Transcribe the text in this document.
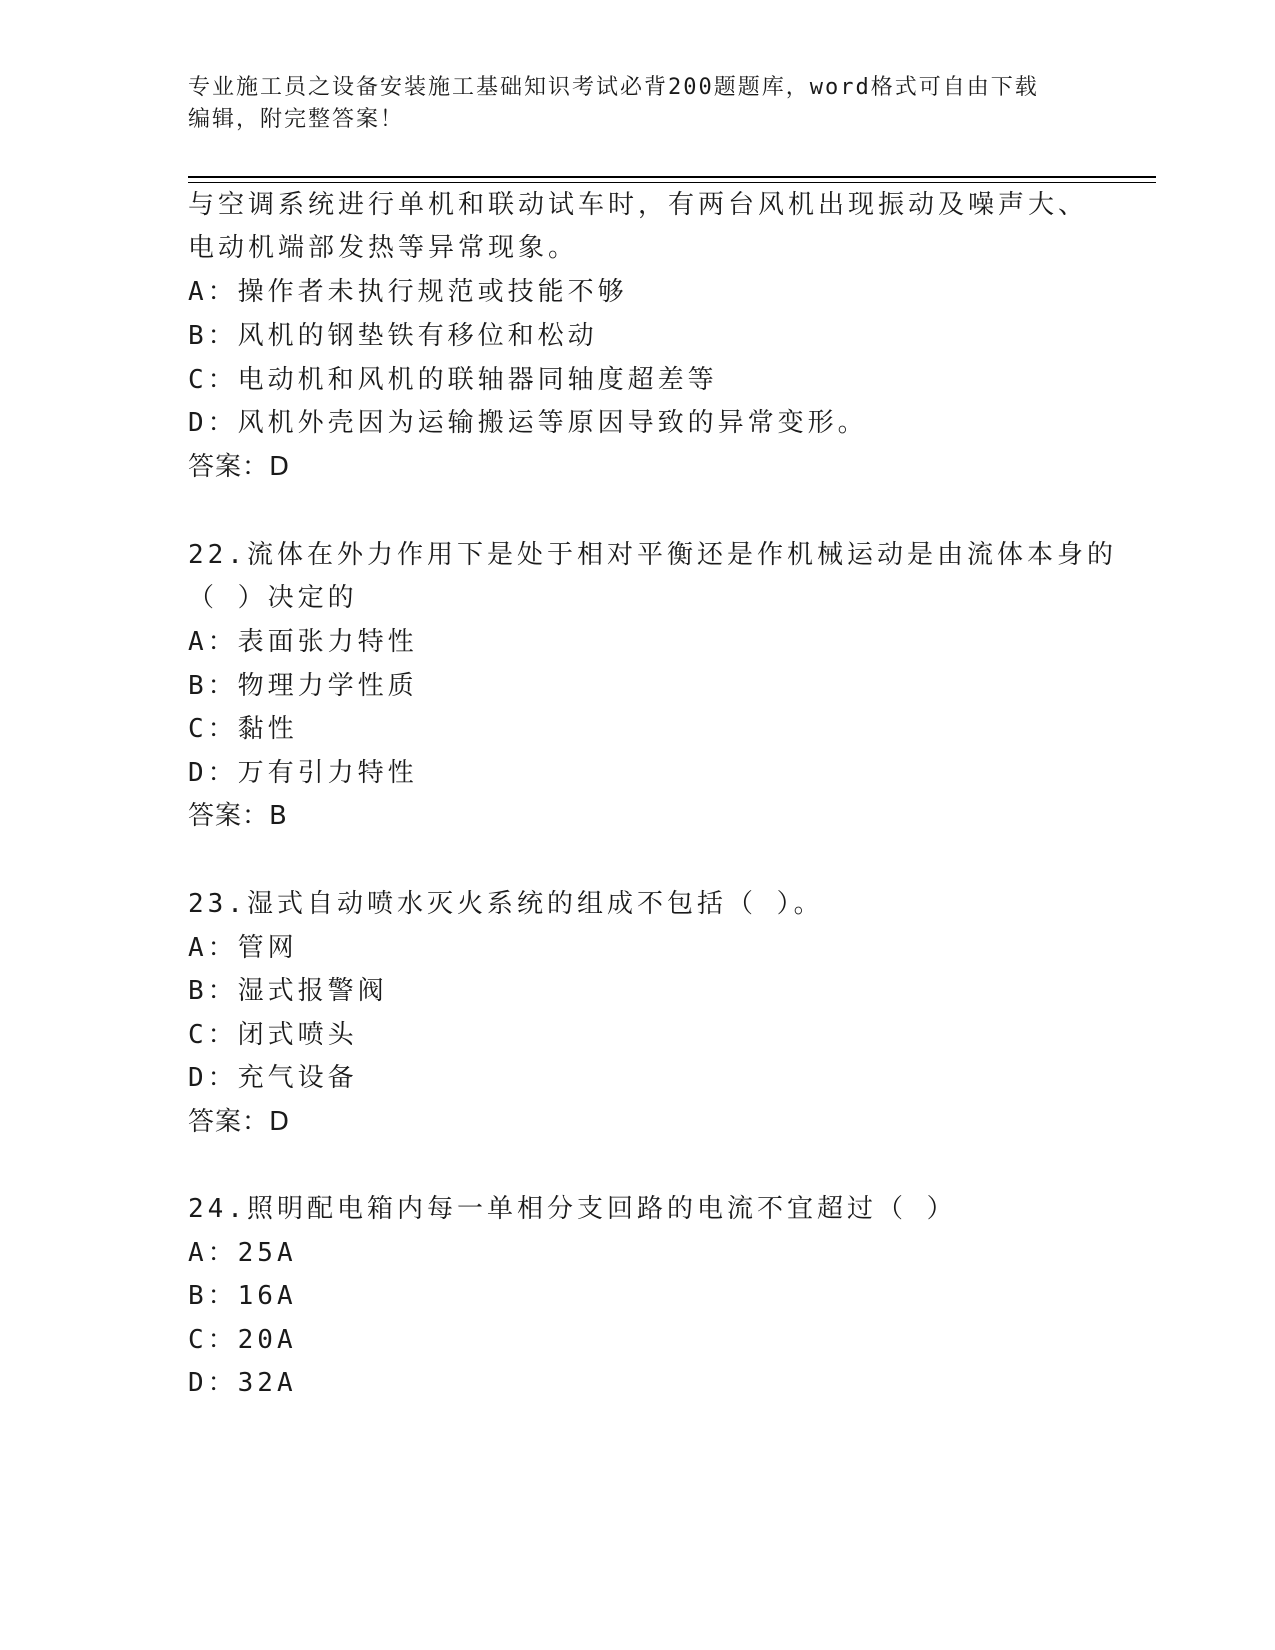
专业施工员之设备安装施工基础知识考试必背200题题库，word格式可自由下载
编辑，附完整答案！
与空调系统进行单机和联动试车时，有两台风机出现振动及噪声大、
电动机端部发热等异常现象。
A：操作者未执行规范或技能不够
B：风机的钢垫铁有移位和松动
C：电动机和风机的联轴器同轴度超差等
D：风机外壳因为运输搬运等原因导致的异常变形。
答案：D
22.流体在外力作用下是处于相对平衡还是作机械运动是由流体本身的
（ ）决定的
A：表面张力特性
B：物理力学性质
C：黏性
D：万有引力特性
答案：B
23.湿式自动喷水灭火系统的组成不包括（ ）。
A：管网
B：湿式报警阀
C：闭式喷头
D：充气设备
答案：D
24.照明配电箱内每一单相分支回路的电流不宜超过（ ）
A：25A
B：16A
C：20A
D：32A
